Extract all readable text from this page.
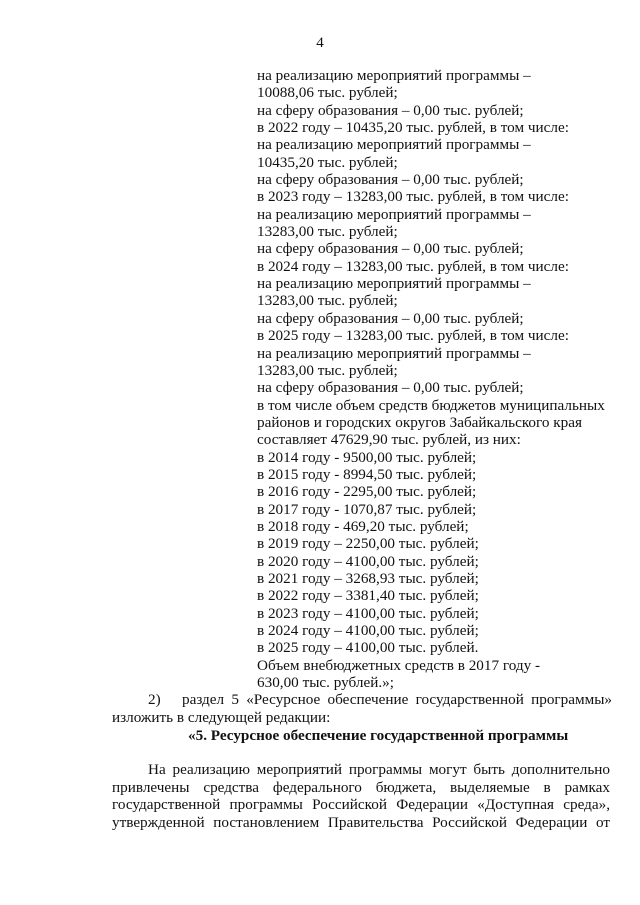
4
на реализацию мероприятий программы –
10088,06 тыс. рублей;
на сферу образования – 0,00 тыс. рублей;
в 2022 году – 10435,20 тыс. рублей, в том числе:
на реализацию мероприятий программы –
10435,20 тыс. рублей;
на сферу образования – 0,00 тыс. рублей;
в 2023 году – 13283,00 тыс. рублей, в том числе:
на реализацию мероприятий программы –
13283,00 тыс. рублей;
на сферу образования – 0,00 тыс. рублей;
в 2024 году – 13283,00 тыс. рублей, в том числе:
на реализацию мероприятий программы –
13283,00 тыс. рублей;
на сферу образования – 0,00 тыс. рублей;
в 2025 году – 13283,00 тыс. рублей, в том числе:
на реализацию мероприятий программы –
13283,00 тыс. рублей;
на сферу образования – 0,00 тыс. рублей;
в том числе объем средств бюджетов муниципальных
районов и городских округов Забайкальского края
составляет 47629,90 тыс. рублей, из них:
в 2014 году - 9500,00 тыс. рублей;
в 2015 году - 8994,50 тыс. рублей;
в 2016 году - 2295,00 тыс. рублей;
в 2017 году - 1070,87 тыс. рублей;
в 2018 году - 469,20 тыс. рублей;
в 2019 году – 2250,00 тыс. рублей;
в 2020 году – 4100,00 тыс. рублей;
в 2021 году – 3268,93 тыс. рублей;
в 2022 году – 3381,40 тыс. рублей;
в 2023 году – 4100,00 тыс. рублей;
в 2024 году – 4100,00 тыс. рублей;
в 2025 году – 4100,00 тыс. рублей.
Объем внебюджетных средств в 2017 году -
630,00 тыс. рублей.»;
2)	раздел 5 «Ресурсное обеспечение государственной программы»
изложить в следующей редакции:
«5. Ресурсное обеспечение государственной программы
На реализацию мероприятий программы могут быть дополнительно
привлечены средства федерального бюджета, выделяемые в рамках
государственной программы Российской Федерации «Доступная среда»,
утвержденной постановлением Правительства Российской Федерации от
